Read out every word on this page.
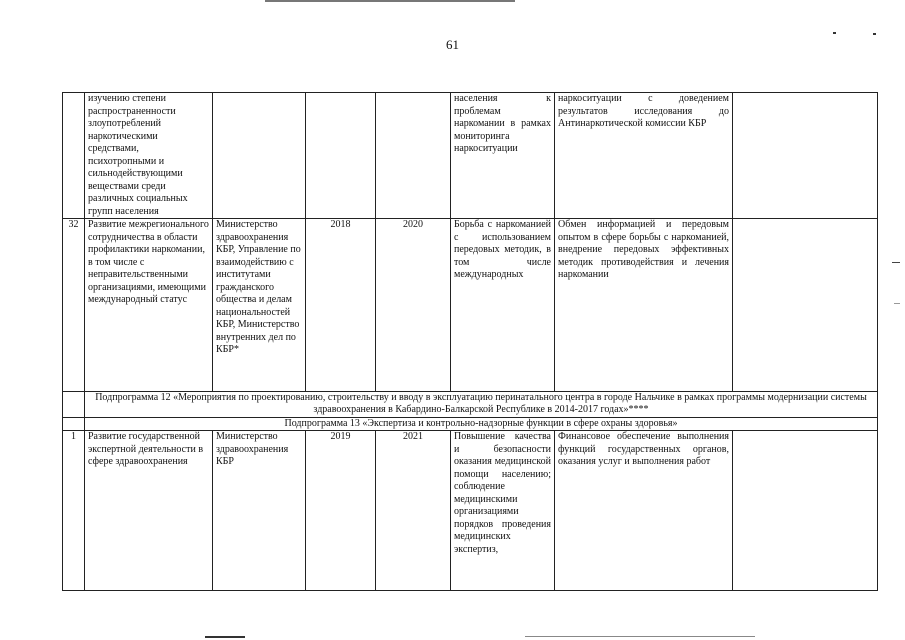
61
	изучению степени распространенности злоупотреблений наркотическими средствами, психотропными и сильнодействующими веществами среди различных социальных групп населения				населения к проблемам наркомании в рамках мониторинга наркоситуации	наркоситуации с доведением результатов исследования до Антинаркотической комиссии КБР	
32	Развитие межрегионального сотрудничества в области профилактики наркомании, в том числе с неправительственными организациями, имеющими международный статус	Министерство здравоохранения КБР, Управление по взаимодействию с институтами гражданского общества и делам национальностей КБР, Министерство внутренних дел по КБР*	2018	2020	Борьба с наркоманией с использованием передовых методик, в том числе международных	Обмен информацией и передовым опытом в сфере борьбы с наркоманией, внедрение передовых эффективных методик противодействия и лечения наркомании	
	Подпрограмма 12 «Мероприятия по проектированию, строительству и вводу в эксплуатацию перинатального центра в городе Нальчике в рамках программы модернизации системы здравоохранения в Кабардино-Балкарской Республике в 2014-2017 годах»****						
	Подпрограмма 13 «Экспертиза и контрольно-надзорные функции в сфере охраны здоровья»						
1	Развитие государственной экспертной деятельности в сфере здравоохранения	Министерство здравоохранения КБР	2019	2021	Повышение качества и безопасности оказания медицинской помощи населению; соблюдение медицинскими организациями порядков проведения медицинских экспертиз,	Финансовое обеспечение выполнения функций государственных органов, оказания услуг и выполнения работ	
